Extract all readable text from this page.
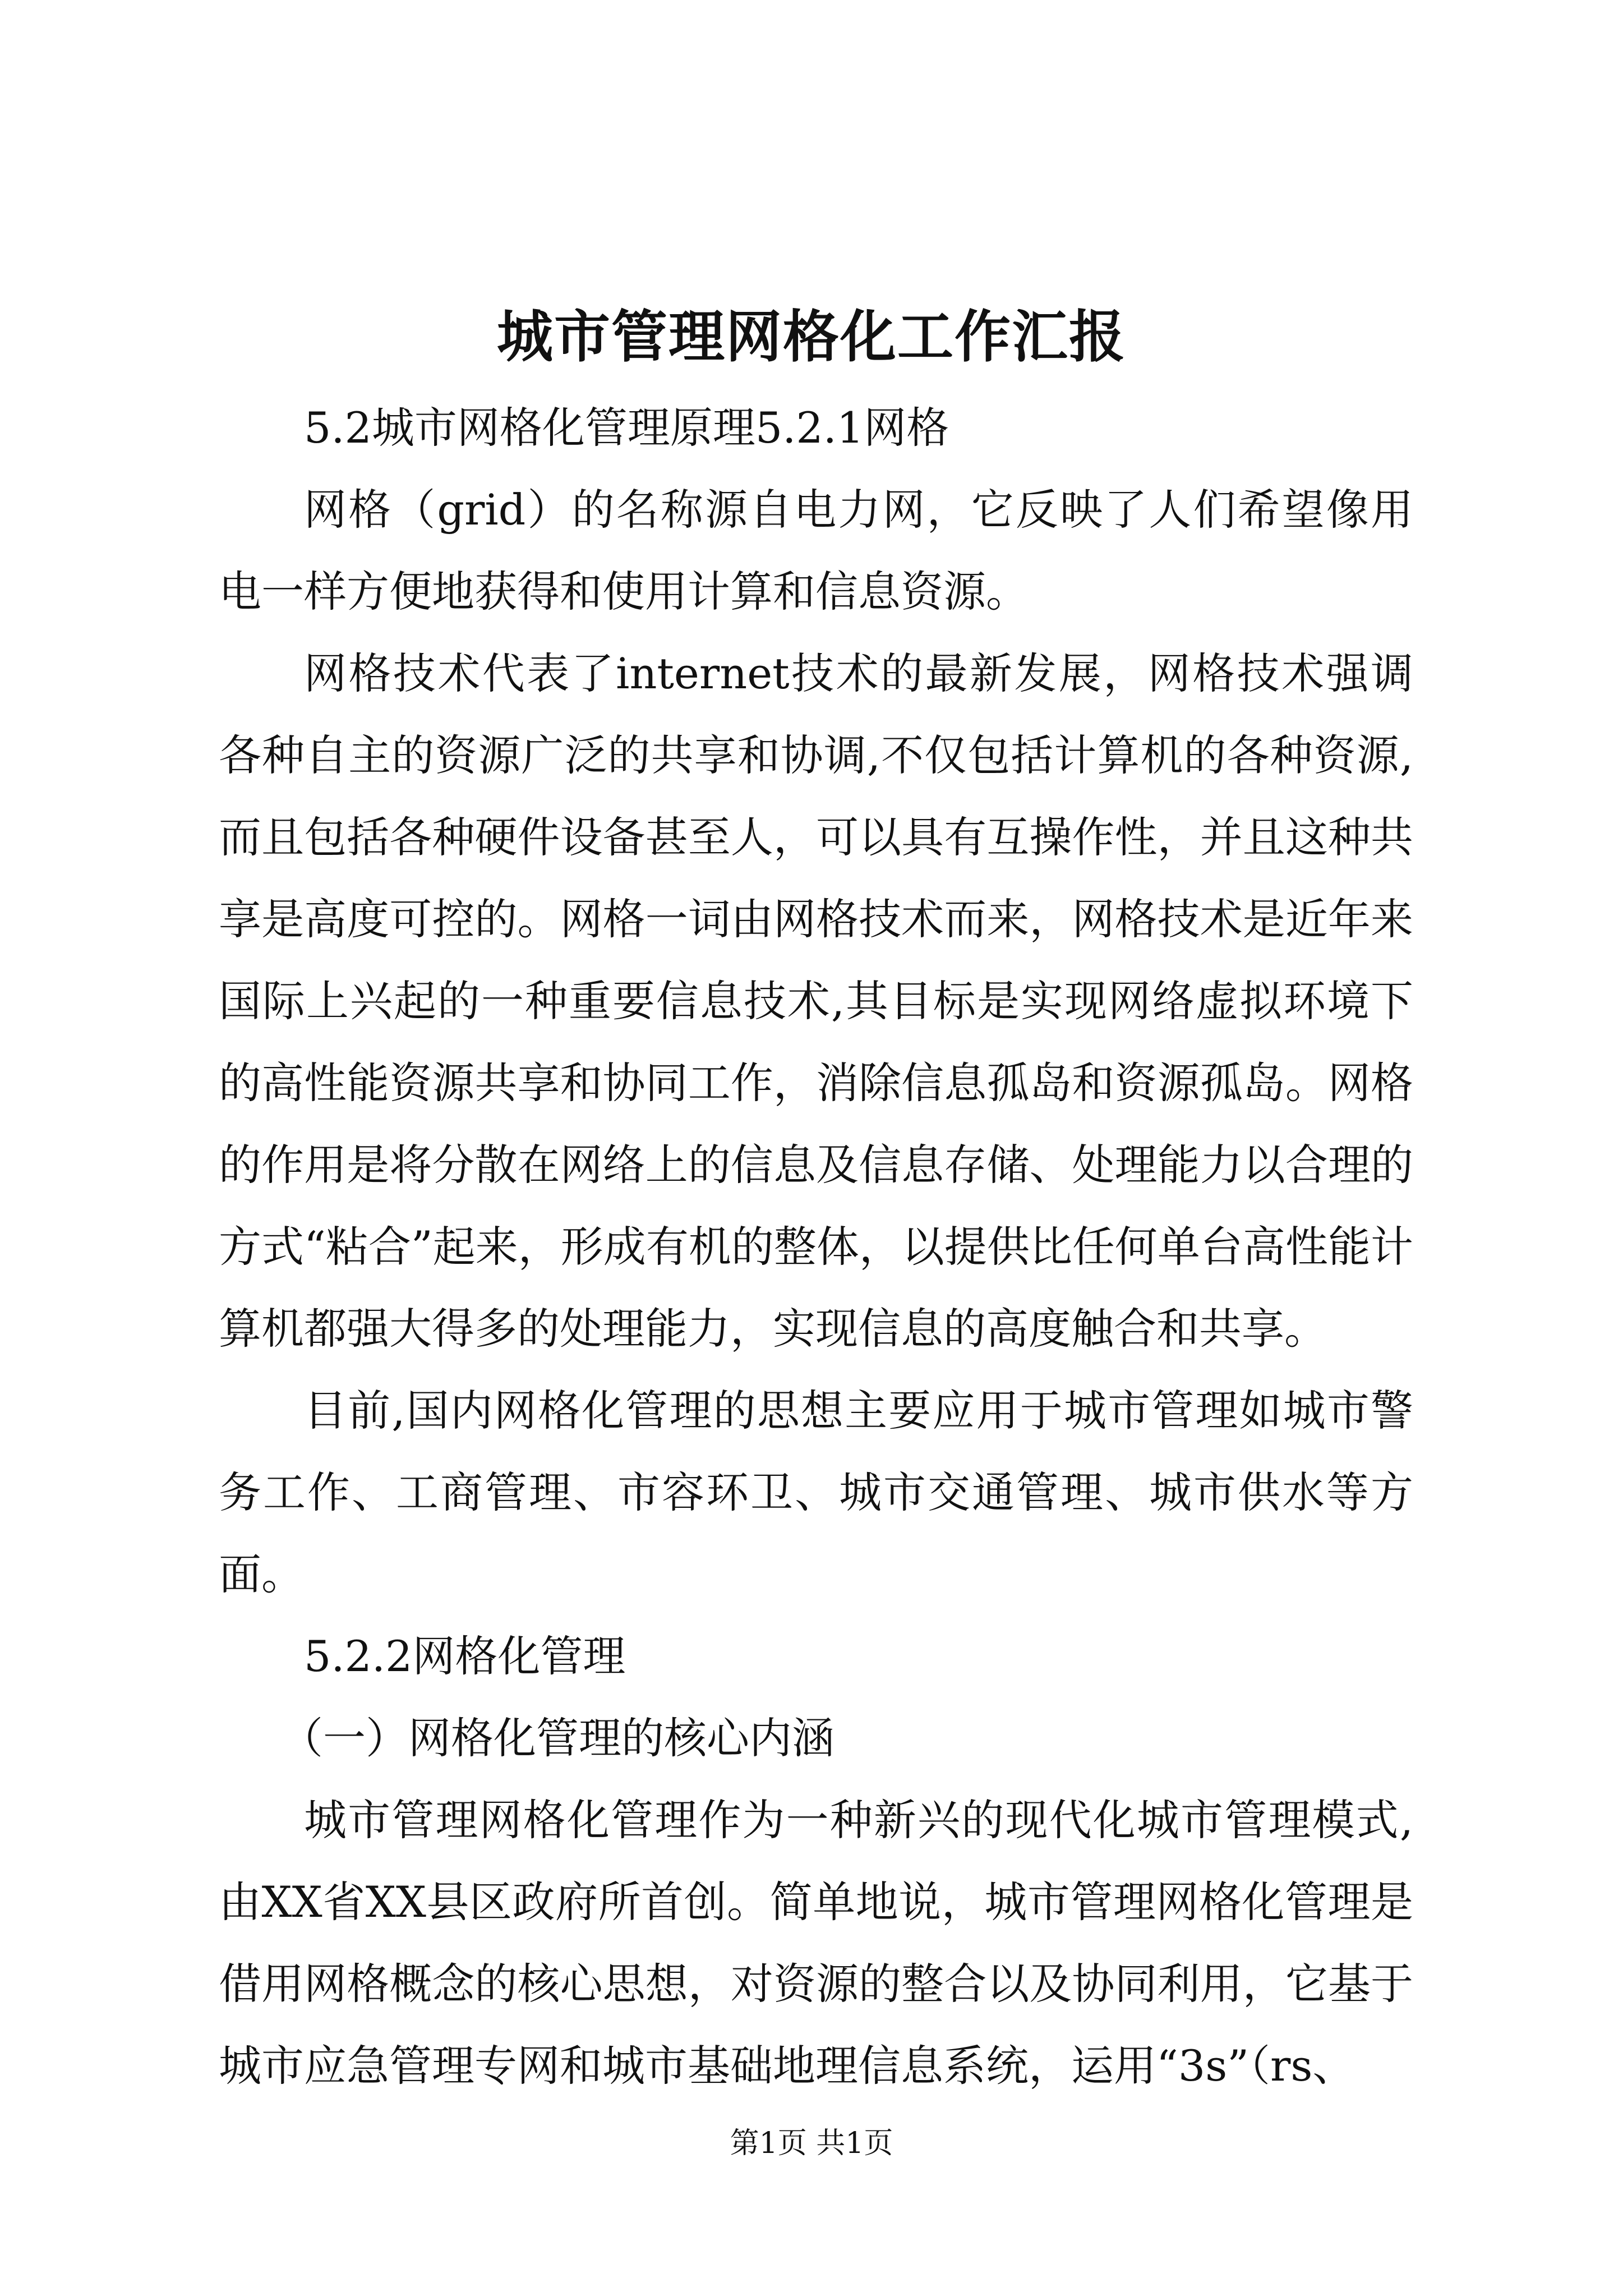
城市管理网格化工作汇报

5.2城市网格化管理原理5.2.1网格

网格（grid）的名称源自电力网，它反映了人们希望像用电一样方便地获得和使用计算和信息资源。

网格技术代表了internet技术的最新发展，网格技术强调各种自主的资源广泛的共享和协调,不仅包括计算机的各种资源,而且包括各种硬件设备甚至人，可以具有互操作性，并且这种共享是高度可控的。网格一词由网格技术而来，网格技术是近年来国际上兴起的一种重要信息技术,其目标是实现网络虚拟环境下的高性能资源共享和协同工作，消除信息孤岛和资源孤岛。网格的作用是将分散在网络上的信息及信息存储、处理能力以合理的方式“粘合”起来，形成有机的整体，以提供比任何单台高性能计算机都强大得多的处理能力，实现信息的高度触合和共享。

目前,国内网格化管理的思想主要应用于城市管理如城市警务工作、工商管理、市容环卫、城市交通管理、城市供水等方面。

5.2.2网格化管理

（一）网格化管理的核心内涵

城市管理网格化管理作为一种新兴的现代化城市管理模式,由XX省XX县区政府所首创。简单地说，城市管理网格化管理是借用网格概念的核心思想，对资源的整合以及协同利用，它基于城市应急管理专网和城市基础地理信息系统，运用“3s”（rs、

第1页 共1页
